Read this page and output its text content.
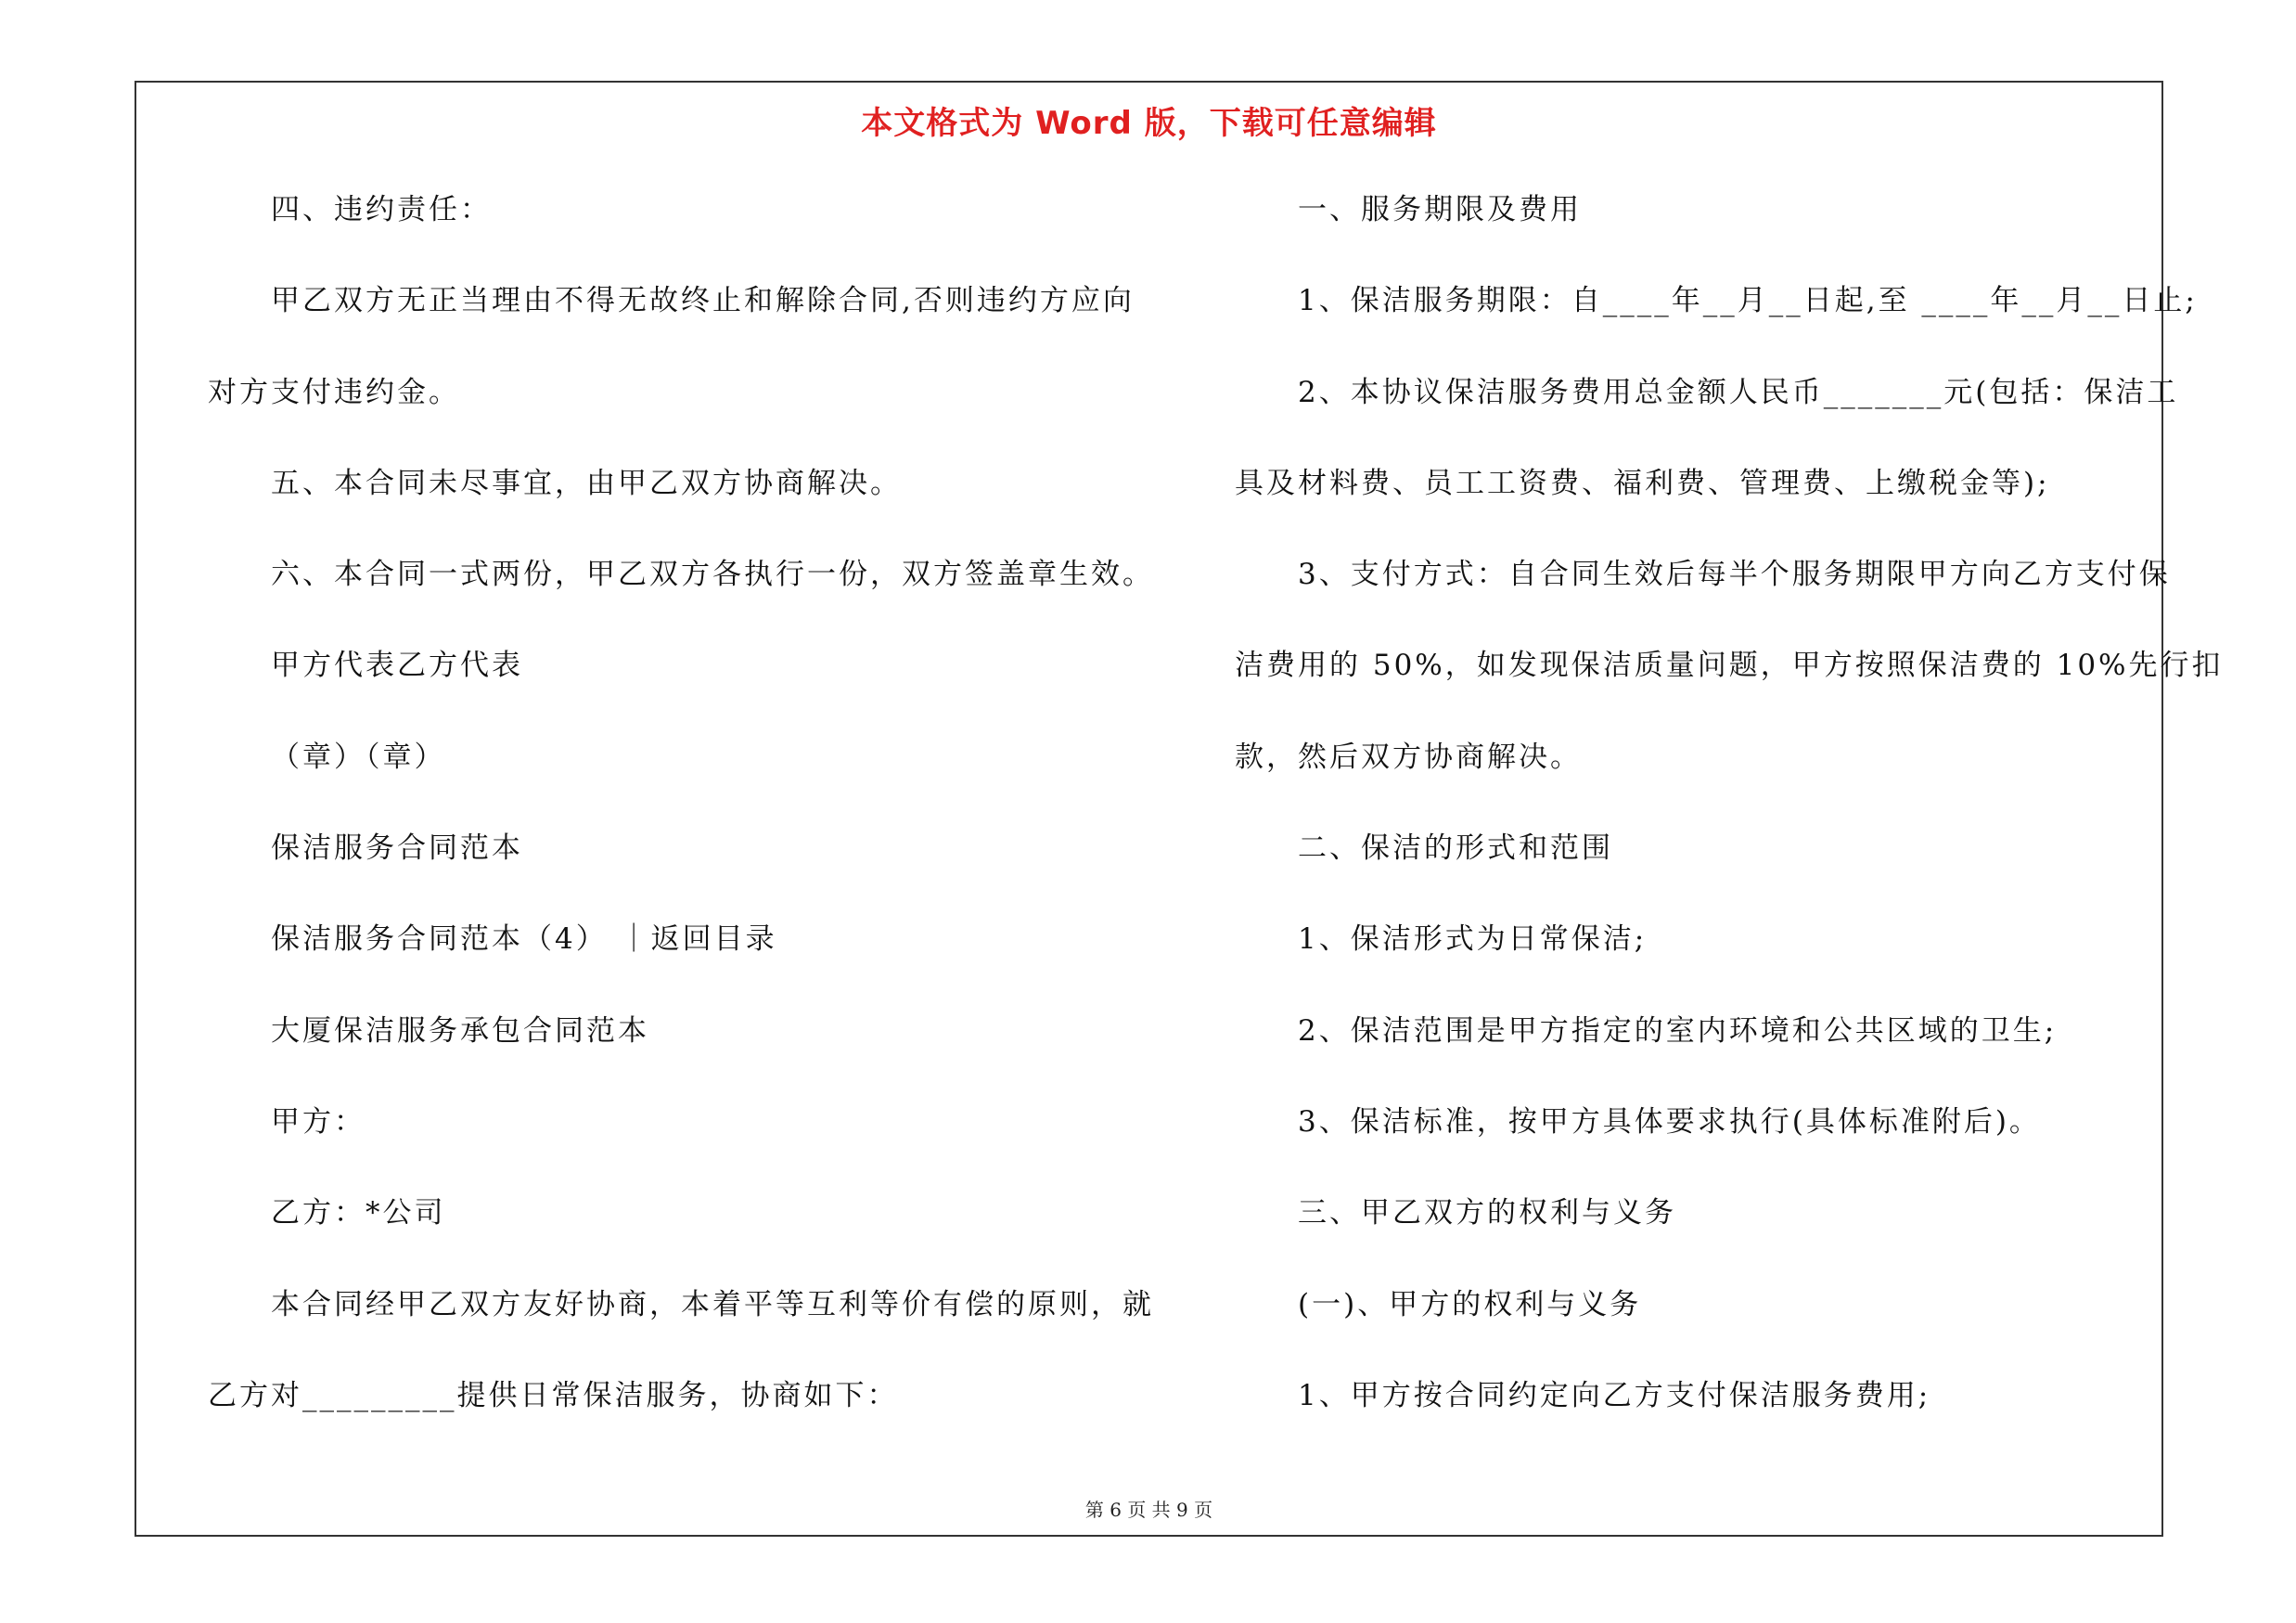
本文格式为 Word 版，下载可任意编辑
四、违约责任：
甲乙双方无正当理由不得无故终止和解除合同,否则违约方应向
对方支付违约金。
五、本合同未尽事宜，由甲乙双方协商解决。
六、本合同一式两份，甲乙双方各执行一份，双方签盖章生效。
甲方代表乙方代表
（章）（章）
保洁服务合同范本
保洁服务合同范本（4） ｜返回目录
大厦保洁服务承包合同范本
甲方：
乙方：*公司
本合同经甲乙双方友好协商，本着平等互利等价有偿的原则，就
乙方对_________提供日常保洁服务，协商如下：
一、服务期限及费用
1、保洁服务期限：自____年__月__日起,至 ____年__月__日止;
2、本协议保洁服务费用总金额人民币_______元(包括：保洁工
具及材料费、员工工资费、福利费、管理费、上缴税金等);
3、支付方式：自合同生效后每半个服务期限甲方向乙方支付保
洁费用的 50%，如发现保洁质量问题，甲方按照保洁费的 10%先行扣
款，然后双方协商解决。
二、保洁的形式和范围
1、保洁形式为日常保洁;
2、保洁范围是甲方指定的室内环境和公共区域的卫生;
3、保洁标准，按甲方具体要求执行(具体标准附后)。
三、甲乙双方的权利与义务
(一)、甲方的权利与义务
1、甲方按合同约定向乙方支付保洁服务费用;
第 6 页 共 9 页
